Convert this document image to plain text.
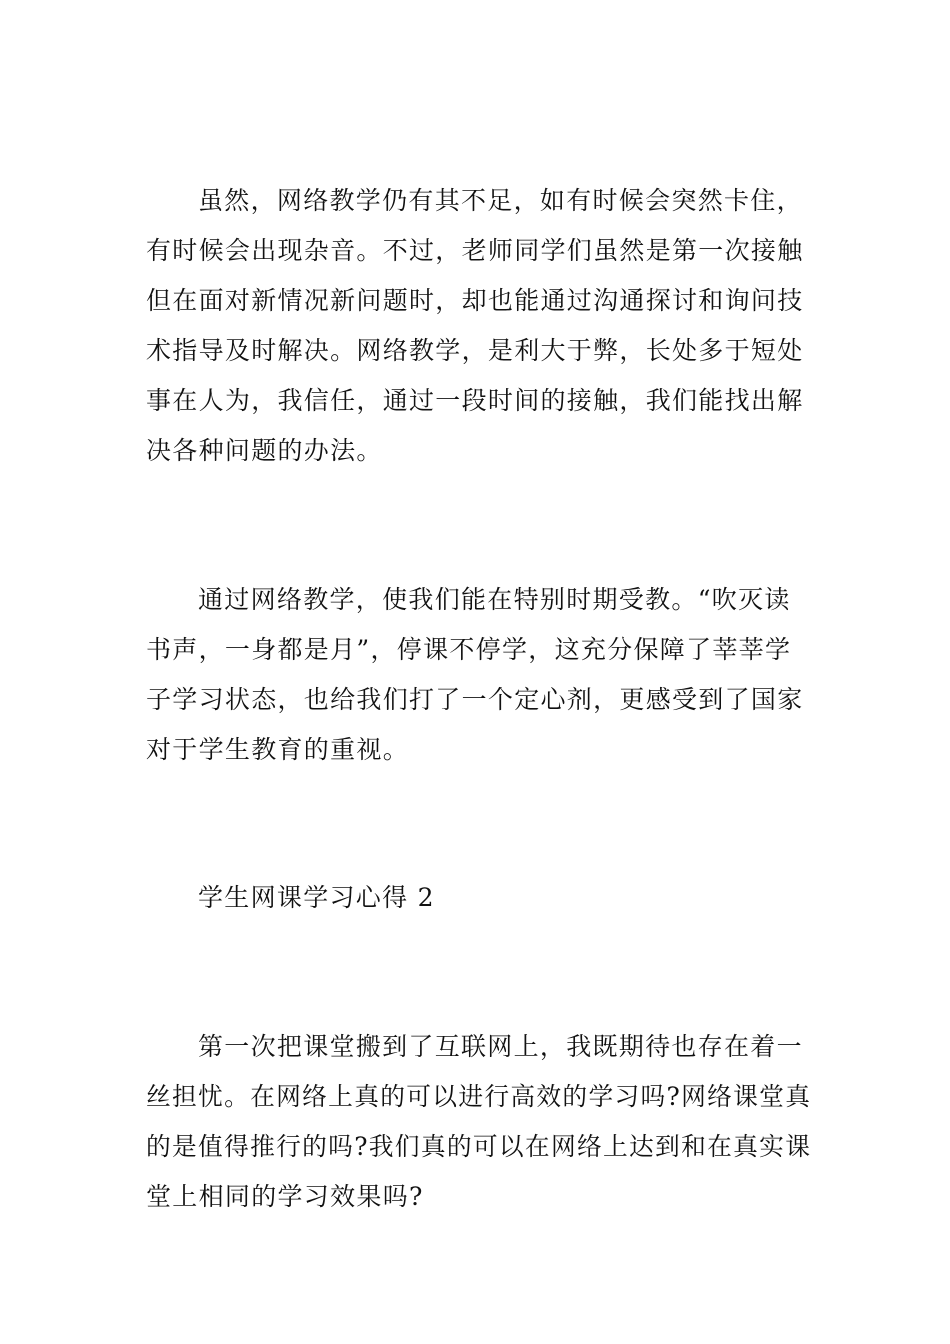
虽然，网络教学仍有其不足，如有时候会突然卡住，
有时候会出现杂音。不过，老师同学们虽然是第一次接触
但在面对新情况新问题时，却也能通过沟通探讨和询问技
术指导及时解决。网络教学，是利大于弊，长处多于短处
事在人为，我信任，通过一段时间的接触，我们能找出解
决各种问题的办法。
通过网络教学，使我们能在特别时期受教。“吹灭读
书声，一身都是月”，停课不停学，这充分保障了莘莘学
子学习状态，也给我们打了一个定心剂，更感受到了国家
对于学生教育的重视。
学生网课学习心得 2
第一次把课堂搬到了互联网上，我既期待也存在着一
丝担忧。在网络上真的可以进行高效的学习吗?网络课堂真
的是值得推行的吗?我们真的可以在网络上达到和在真实课
堂上相同的学习效果吗?
